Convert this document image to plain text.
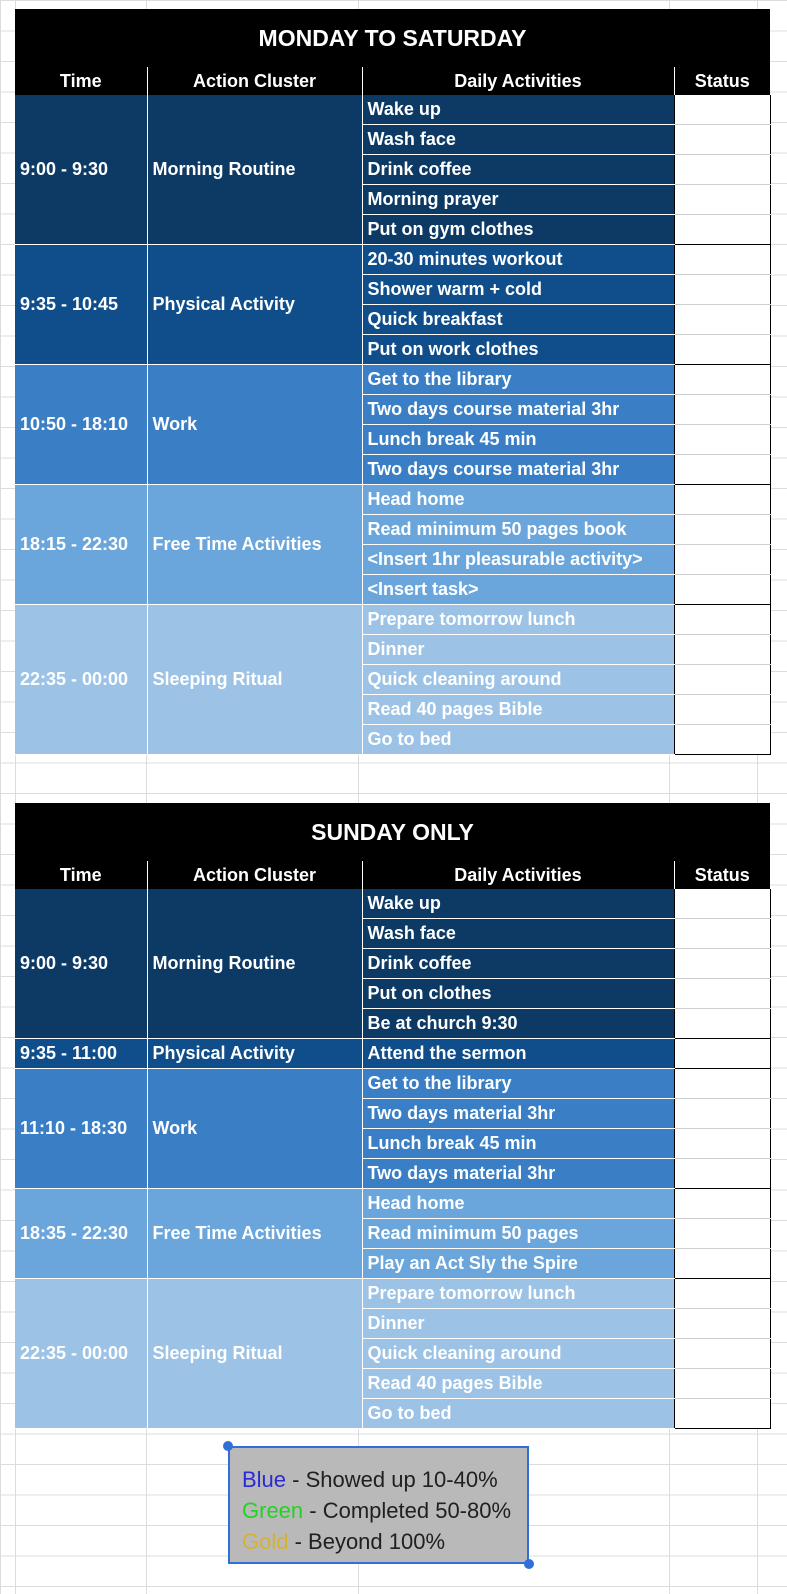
MONDAY TO SATURDAY			
Time	Action Cluster	Daily Activities	Status
9:00 - 9:30	Morning Routine	Wake up	
		Wash face	
		Drink coffee	
		Morning prayer	
		Put on gym clothes	
9:35 - 10:45	Physical Activity	20-30 minutes workout	
		Shower warm + cold	
		Quick breakfast	
		Put on work clothes	
10:50 - 18:10	Work	Get to the library	
		Two days course material 3hr	
		Lunch break 45 min	
		Two days course material 3hr	
18:15 - 22:30	Free Time Activities	Head home	
		Read minimum 50 pages book	
		<Insert 1hr pleasurable activity>	
		<Insert task>	
22:35 - 00:00	Sleeping Ritual	Prepare tomorrow lunch	
		Dinner	
		Quick cleaning around	
		Read 40 pages Bible	
		Go to bed	
SUNDAY ONLY			
Time	Action Cluster	Daily Activities	Status
9:00 - 9:30	Morning Routine	Wake up	
		Wash face	
		Drink coffee	
		Put on clothes	
		Be at church 9:30	
9:35 - 11:00	Physical Activity	Attend the sermon	
11:10 - 18:30	Work	Get to the library	
		Two days material 3hr	
		Lunch break 45 min	
		Two days material 3hr	
18:35 - 22:30	Free Time Activities	Head home	
		Read minimum 50 pages	
		Play an Act Sly the Spire	
22:35 - 00:00	Sleeping Ritual	Prepare tomorrow lunch	
		Dinner	
		Quick cleaning around	
		Read 40 pages Bible	
		Go to bed	
Blue - Showed up 10-40%
Green - Completed 50-80%
Gold - Beyond 100%
